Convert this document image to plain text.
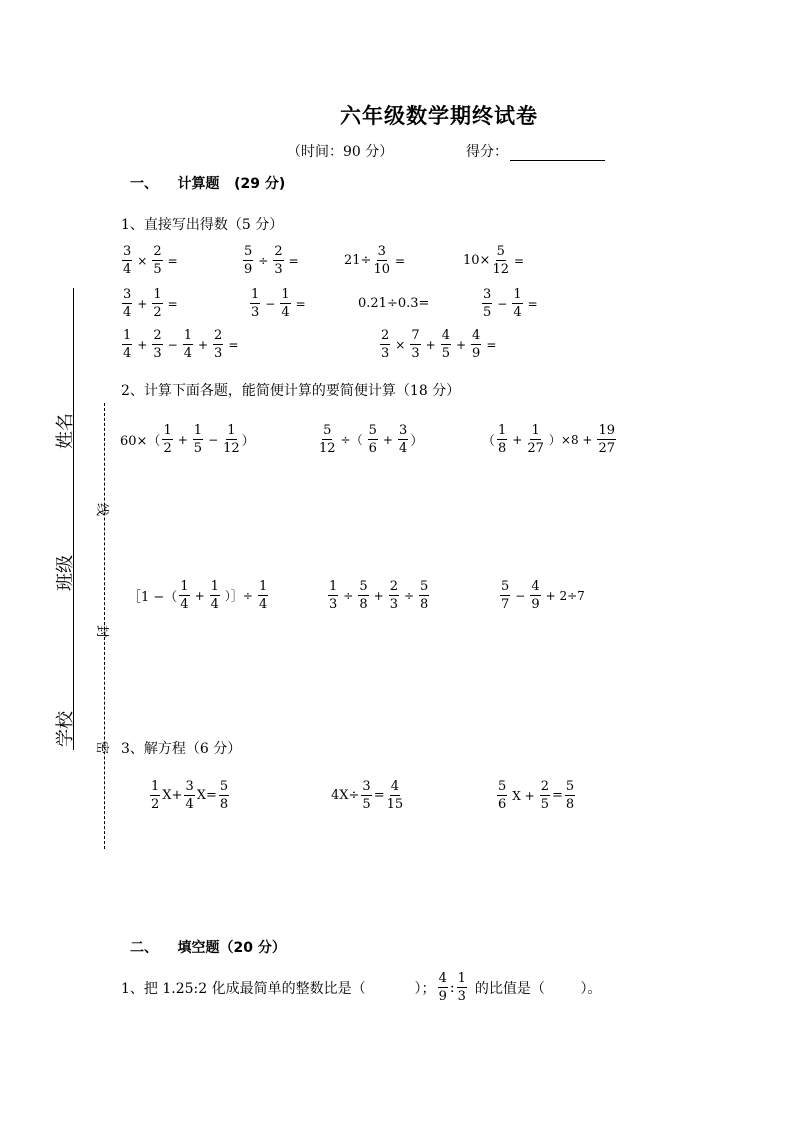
六年级数学期终试卷
（时间：90 分）	得分：
姓名
班级
学校
线
封
密
一、    计算题   (29 分)
1、直接写出得数（5 分）
$\frac{3}{4} \times \frac{2}{5}$ =	$\frac{5}{9} \div \frac{2}{3}$ =	$21\div \frac{3}{10}$ =	$10\times \frac{5}{12}$ =
$\frac{3}{4} + \frac{1}{2}$ =	$\frac{1}{3} - \frac{1}{4}$ =	0.21÷0.3=	$\frac{3}{5} - \frac{1}{4}$ =
$\frac{1}{4} + \frac{2}{3} - \frac{1}{4} + \frac{2}{3}$ =	$\frac{2}{3} \times \frac{7}{3} + \frac{4}{5} + \frac{4}{9}$ =
2、计算下面各题，能简便计算的要简便计算（18 分）
$60\times( \frac{1}{2} + \frac{1}{5} - \frac{1}{12}$ ）	$\frac{5}{12}$ ÷（ $\frac{5}{6} + \frac{3}{4}$ ）	（ $\frac{1}{8} + \frac{1}{27} )\times 8 + \frac{19}{27}$
［1 −（ $\frac{1}{4} + \frac{1}{4}$ ）］÷ $\frac{1}{4}$	$\frac{1}{3} \div \frac{5}{8} + \frac{2}{3} \div \frac{5}{8}$	$\frac{5}{7} - \frac{4}{9} + 2\div 7$
3、解方程（6 分）
$\frac{1}{2} X+ \frac{3}{4} X= \frac{5}{8}$	$4X\div \frac{3}{5} = \frac{4}{15}$	$\frac{5}{6}$ $X + \frac{2}{5} = \frac{5}{8}$
二、    填空题（20 分）
1、把 1.25:2 化成最简单的整数比是（           ）； $\frac{4}{9}$ : $\frac{1}{3}$ 的比值是（        ）。
